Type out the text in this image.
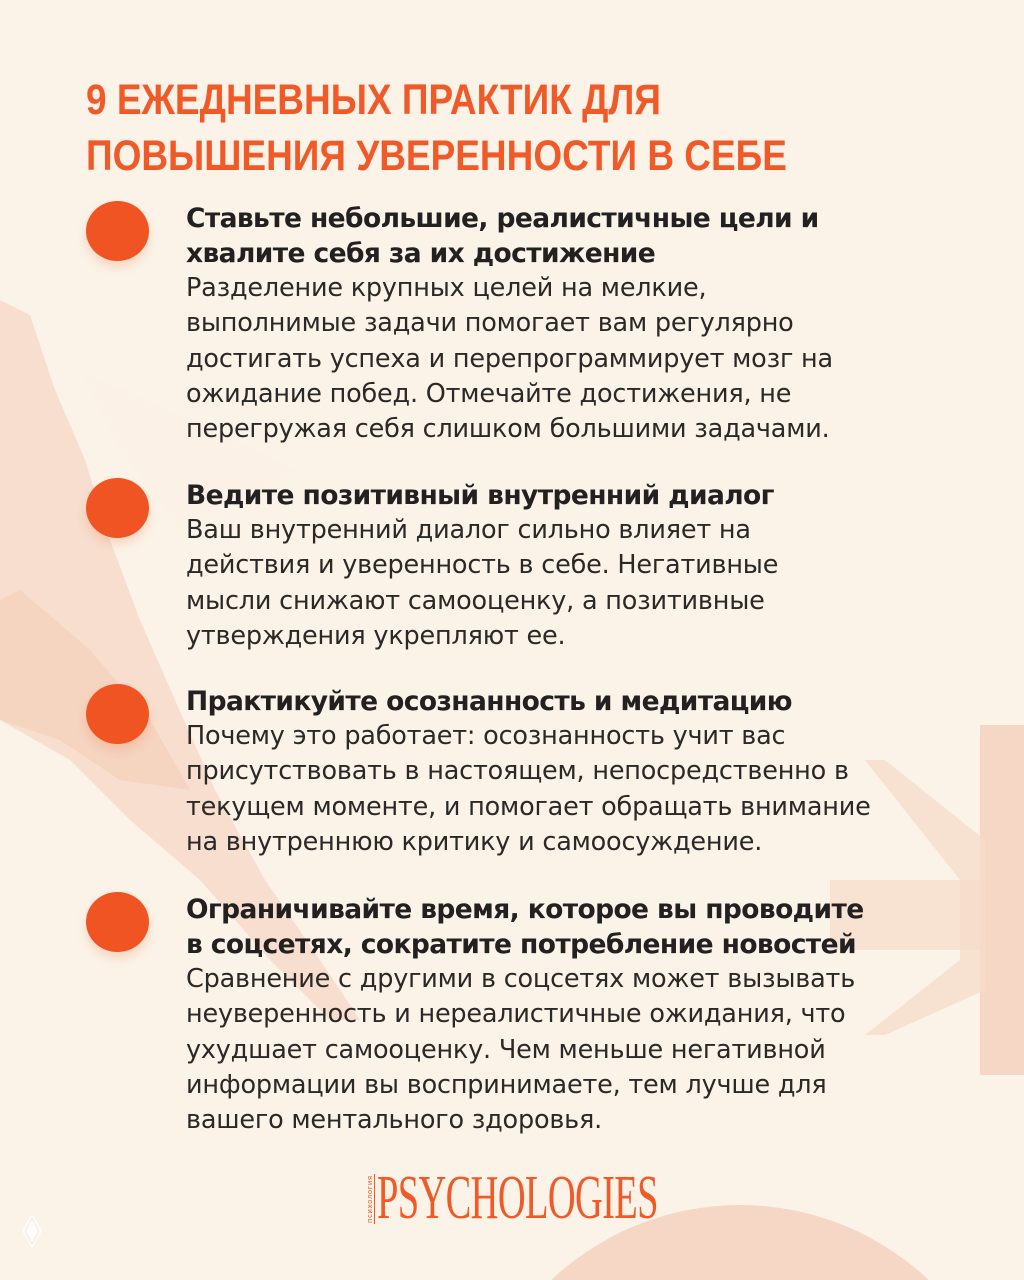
9 ЕЖЕДНЕВНЫХ ПРАКТИК ДЛЯ
ПОВЫШЕНИЯ УВЕРЕННОСТИ В СЕБЕ
Ставьте небольшие, реалистичные цели и
хвалите себя за их достижение
Разделение крупных целей на мелкие,
выполнимые задачи помогает вам регулярно
достигать успеха и перепрограммирует мозг на
ожидание побед. Отмечайте достижения, не
перегружая себя слишком большими задачами.
Ведите позитивный внутренний диалог
Ваш внутренний диалог сильно влияет на
действия и уверенность в себе. Негативные
мысли снижают самооценку, а позитивные
утверждения укрепляют ее.
Практикуйте осознанность и медитацию
Почему это работает: осознанность учит вас
присутствовать в настоящем, непосредственно в
текущем моменте, и помогает обращать внимание
на внутреннюю критику и самоосуждение.
Ограничивайте время, которое вы проводите
в соцсетях, сократите потребление новостей
Сравнение с другими в соцсетях может вызывать
неуверенность и нереалистичные ожидания, что
ухудшает самооценку. Чем меньше негативной
информации вы воспринимаете, тем лучше для
вашего ментального здоровья.
психология PSYCHOLOGIES
